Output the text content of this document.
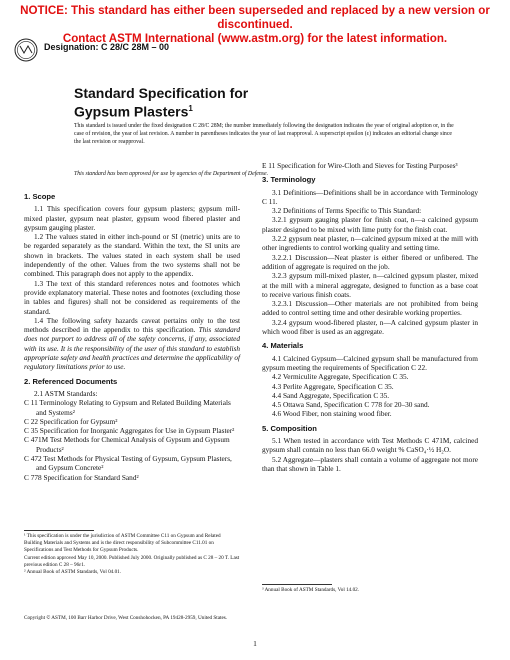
NOTICE: This standard has either been superseded and replaced by a new version or discontinued.
Contact ASTM International (www.astm.org) for the latest information.
Designation: C 28/C 28M – 00
Standard Specification for
Gypsum Plasters$^1$
This standard is issued under the fixed designation C 28/C 28M; the number immediately following the designation indicates the year of original adoption or, in the case of revision, the year of last revision. A number in parentheses indicates the year of last reapproval. A superscript epsilon (ε) indicates an editorial change since the last revision or reapproval.
This standard has been approved for use by agencies of the Department of Defense.
1. Scope

1.1 This specification covers four gypsum plasters; gypsum mill-mixed plaster, gypsum neat plaster, gypsum wood fibered plaster and gypsum gauging plaster.

1.2 The values stated in either inch-pound or SI (metric) units are to be regarded separately as the standard. Within the text, the SI units are shown in brackets. The values stated in each system shall be used independently of the other. Values from the two systems shall not be combined. This paragraph does not apply to the appendix.

1.3 The text of this standard references notes and footnotes which provide explanatory material. These notes and footnotes (excluding those in tables and figures) shall not be considered as requirements of the standard.

1.4 The following safety hazards caveat pertains only to the test methods described in the appendix to this specification. This standard does not purport to address all of the safety concerns, if any, associated with its use. It is the responsibility of the user of this standard to establish appropriate safety and health practices and determine the applicability of regulatory limitations prior to use.

2. Referenced Documents

2.1 ASTM Standards:

C 11 Terminology Relating to Gypsum and Related Building Materials and Systems²

C 22 Specification for Gypsum²

C 35 Specification for Inorganic Aggregates for Use in Gypsum Plaster²

C 471M Test Methods for Chemical Analysis of Gypsum and Gypsum Products²

C 472 Test Methods for Physical Testing of Gypsum, Gypsum Plasters, and Gypsum Concrete²

C 778 Specification for Standard Sand²

E 11 Specification for Wire-Cloth and Sieves for Testing Purposes³

3. Terminology

3.1 Definitions—Definitions shall be in accordance with Terminology C 11.

3.2 Definitions of Terms Specific to This Standard:

3.2.1 gypsum gauging plaster for finish coat, n—a calcined gypsum plaster designed to be mixed with lime putty for the finish coat.

3.2.2 gypsum neat plaster, n—calcined gypsum mixed at the mill with other ingredients to control working quality and setting time.

3.2.2.1 Discussion—Neat plaster is either fibered or unfibered. The addition of aggregate is required on the job.

3.2.3 gypsum mill-mixed plaster, n—calcined gypsum plaster, mixed at the mill with a mineral aggregate, designed to function as a base coat to receive various finish coats.

3.2.3.1 Discussion—Other materials are not prohibited from being added to control setting time and other desirable working properties.

3.2.4 gypsum wood-fibered plaster, n—A calcined gypsum plaster in which wood fiber is used as an aggregate.

4. Materials

4.1 Calcined Gypsum—Calcined gypsum shall be manufactured from gypsum meeting the requirements of Specification C 22.

4.2 Vermiculite Aggregate, Specification C 35.

4.3 Perlite Aggregate, Specification C 35.

4.4 Sand Aggregate, Specification C 35.

4.5 Ottawa Sand, Specification C 778 for 20–30 sand.

4.6 Wood Fiber, non staining wood fiber.

5. Composition

5.1 When tested in accordance with Test Methods C 471M, calcined gypsum shall contain no less than 66.0 weight % CaSO₄·½ H₂O.

5.2 Aggregate—plasters shall contain a volume of aggregate not more than that shown in Table 1.

¹ This specification is under the jurisdiction of ASTM Committee C11 on Gypsum and Related Building Materials and Systems and is the direct responsibility of Subcommittee C11.01 on Specifications and Test Methods for Gypsum Products.
Current edition approved May 10, 2000. Published July 2000. Originally published as C 28 – 20 T. Last previous edition C 28 – 96ε1.
² Annual Book of ASTM Standards, Vol 04.01.
³ Annual Book of ASTM Standards, Vol 14.02.
Copyright © ASTM, 100 Barr Harbor Drive, West Conshohocken, PA 19428-2959, United States.
1
